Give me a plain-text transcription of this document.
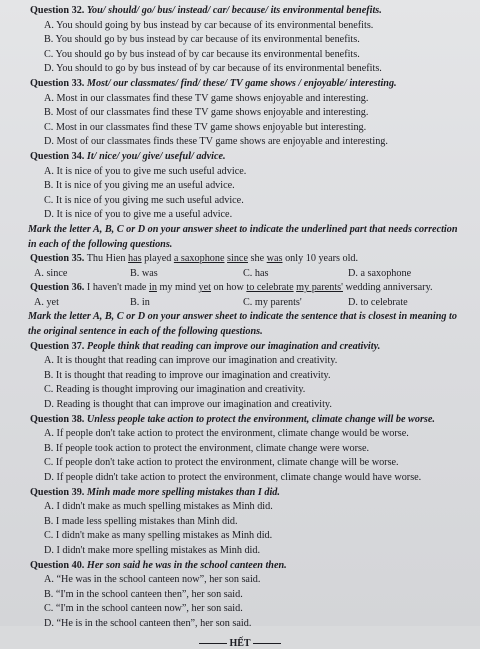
Question 32. You/ should/ go/ bus/ instead/ car/ because/ its environmental benefits.
A. You should going by bus instead by car because of its environmental benefits.
B. You should go by bus instead by car because of its environmental benefits.
C. You should go by bus instead of by car because its environmental benefits.
D. You should to go by bus instead of by car because of its environmental benefits.
Question 33. Most/ our classmates/ find/ these/ TV game shows / enjoyable/ interesting.
A. Most in our classmates find these TV game shows enjoyable and interesting.
B. Most of our classmates find these TV game shows enjoyable and interesting.
C. Most in our classmates find these TV game shows enjoyable but interesting.
D. Most of our classmates finds these TV game shows are enjoyable and interesting.
Question 34. It/ nice/ you/ give/ useful/ advice.
A. It is nice of you to give me such useful advice.
B. It is nice of you giving me an useful advice.
C. It is nice of you giving me such useful advice.
D. It is nice of you to give me a useful advice.
Mark the letter A, B, C or D on your answer sheet to indicate the underlined part that needs correction
in each of the following questions.
Question 35. Thu Hien has played a saxophone since she was only 10 years old.
A. since	B. was	C. has	D. a saxophone
Question 36. I haven't made in my mind yet on how to celebrate my parents' wedding anniversary.
A. yet	B. in	C. my parents'	D. to celebrate
Mark the letter A, B, C or D on your answer sheet to indicate the sentence that is closest in meaning to
the original sentence in each of the following questions.
Question 37. People think that reading can improve our imagination and creativity.
A. It is thought that reading can improve our imagination and creativity.
B. It is thought that reading to improve our imagination and creativity.
C. Reading is thought improving our imagination and creativity.
D. Reading is thought that can improve our imagination and creativity.
Question 38. Unless people take action to protect the environment, climate change will be worse.
A. If people don't take action to protect the environment, climate change would be worse.
B. If people took action to protect the environment, climate change were worse.
C. If people don't take action to protect the environment, climate change will be worse.
D. If people didn't take action to protect the environment, climate change would have worse.
Question 39. Minh made more spelling mistakes than I did.
A. I didn't make as much spelling mistakes as Minh did.
B. I made less spelling mistakes than Minh did.
C. I didn't make as many spelling mistakes as Minh did.
D. I didn't make more spelling mistakes as Minh did.
Question 40. Her son said he was in the school canteen then.
A. “He was in the school canteen now”, her son said.
B. “I'm in the school canteen then”, her son said.
C. “I'm in the school canteen now”, her son said.
D. “He is in the school canteen then”, her son said.
HẾT
